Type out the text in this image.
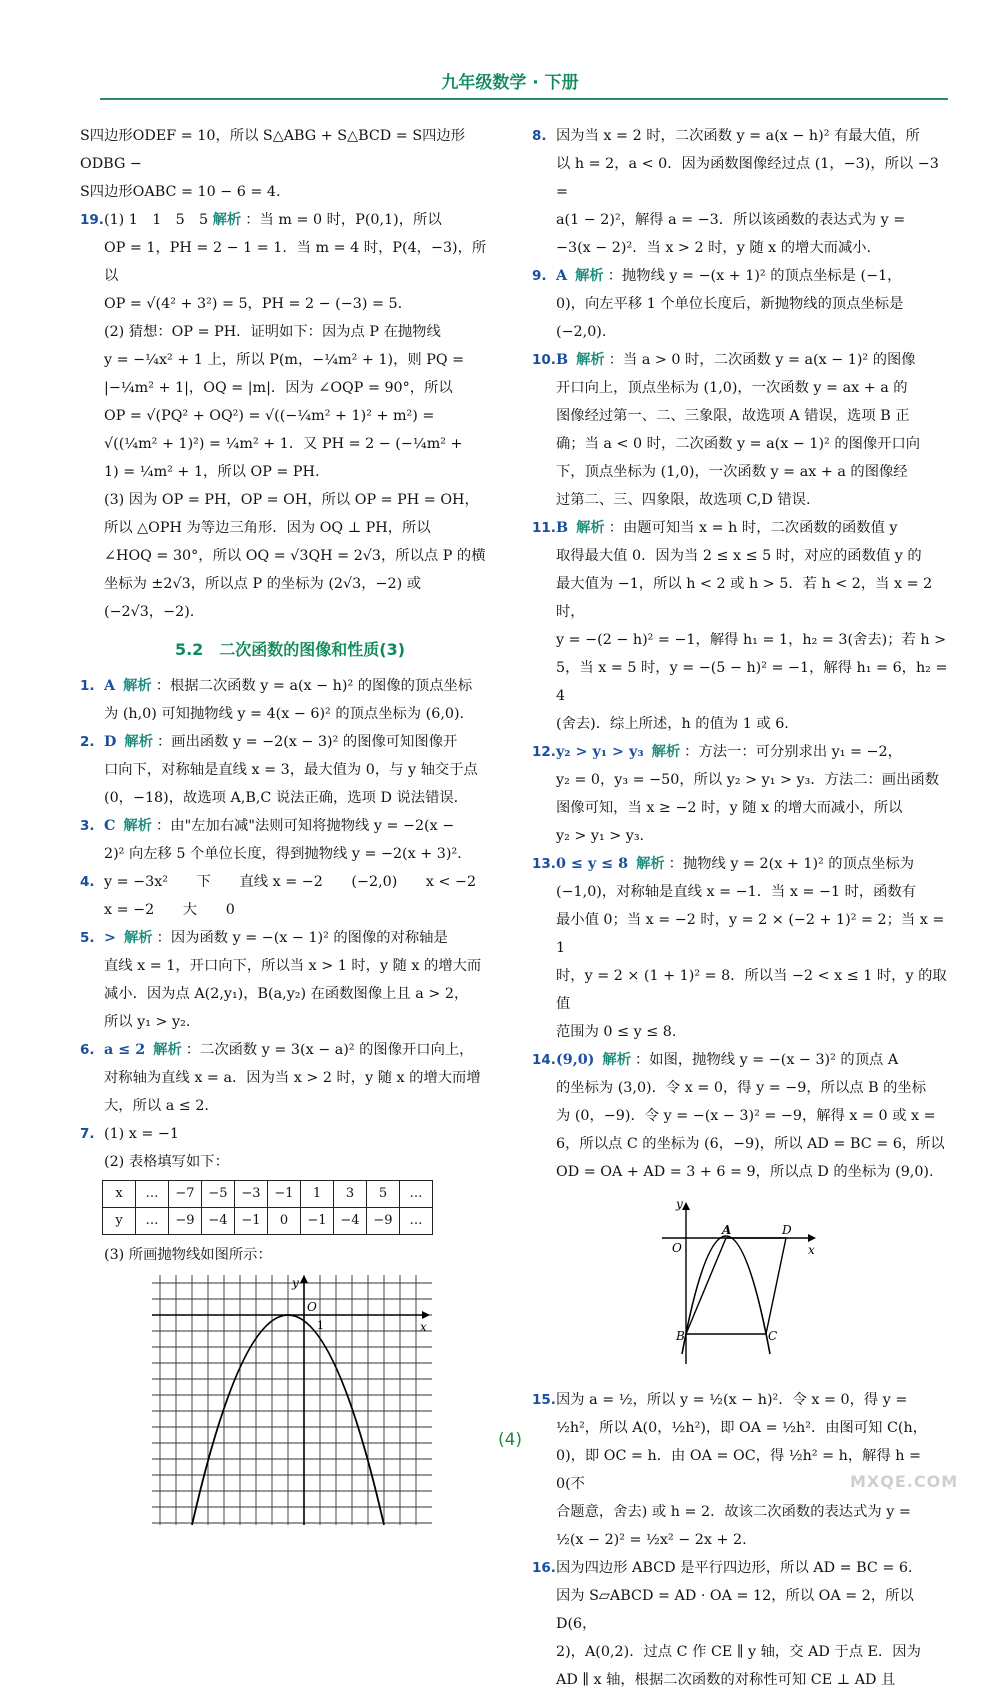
九年级数学 · 下册

S四边形ODEF = 10，所以 S△ABG + S△BCD = S四边形ODBG −

S四边形OABC = 10 − 6 = 4.

19. (1) 1　1　5　5 解析 ：当 m = 0 时，P(0,1)，所以
OP = 1，PH = 2 − 1 = 1．当 m = 4 时，P(4，−3)，所以
OP = √(4² + 3²) = 5，PH = 2 − (−3) = 5.
(2) 猜想：OP = PH．证明如下：因为点 P 在抛物线
y = −¼x² + 1 上，所以 P(m，−¼m² + 1)，则 PQ =
|−¼m² + 1|，OQ = |m|．因为 ∠OQP = 90°，所以
OP = √(PQ² + OQ²) = √((−¼m² + 1)² + m²) =
√((¼m² + 1)²) = ¼m² + 1．又 PH = 2 − (−¼m² +
1) = ¼m² + 1，所以 OP = PH.
(3) 因为 OP = PH，OP = OH，所以 OP = PH = OH，
所以 △OPH 为等边三角形．因为 OQ ⊥ PH，所以
∠HOQ = 30°，所以 OQ = √3QH = 2√3，所以点 P 的横
坐标为 ±2√3，所以点 P 的坐标为 (2√3，−2) 或
(−2√3，−2).
5.2　二次函数的图像和性质(3)
1. A 解析 ：根据二次函数 y = a(x − h)² 的图像的顶点坐标
为 (h,0) 可知抛物线 y = 4(x − 6)² 的顶点坐标为 (6,0).
2. D 解析 ：画出函数 y = −2(x − 3)² 的图像可知图像开
口向下，对称轴是直线 x = 3，最大值为 0，与 y 轴交于点
(0，−18)，故选项 A,B,C 说法正确，选项 D 说法错误.
3. C 解析 ：由"左加右减"法则可知将抛物线 y = −2(x −
2)² 向左移 5 个单位长度，得到抛物线 y = −2(x + 3)².
4. y = −3x²　　下　　直线 x = −2　　(−2,0)　　x < −2
x = −2　　大　　0
5. > 解析 ：因为函数 y = −(x − 1)² 的图像的对称轴是
直线 x = 1，开口向下，所以当 x > 1 时，y 随 x 的增大而
减小．因为点 A(2,y₁)，B(a,y₂) 在函数图像上且 a > 2，
所以 y₁ > y₂.
6. a ≤ 2 解析 ：二次函数 y = 3(x − a)² 的图像开口向上，
对称轴为直线 x = a．因为当 x > 2 时，y 随 x 的增大而增
大，所以 a ≤ 2.
7. (1) x = −1
(2) 表格填写如下：
x	…	−7	−5	−3	−1	1	3	5	…
y	…	−9	−4	−1	0	−1	−4	−9	…

(3) 所画抛物线如图所示：

y
x
O
1
8. 因为当 x = 2 时，二次函数 y = a(x − h)² 有最大值，所
以 h = 2，a < 0．因为函数图像经过点 (1，−3)，所以 −3 =
a(1 − 2)²，解得 a = −3．所以该函数的表达式为 y =
−3(x − 2)²．当 x > 2 时，y 随 x 的增大而减小.
9. A 解析 ：抛物线 y = −(x + 1)² 的顶点坐标是 (−1，
0)，向左平移 1 个单位长度后，新抛物线的顶点坐标是
(−2,0).
10. B 解析 ：当 a > 0 时，二次函数 y = a(x − 1)² 的图像
开口向上，顶点坐标为 (1,0)，一次函数 y = ax + a 的
图像经过第一、二、三象限，故选项 A 错误，选项 B 正
确；当 a < 0 时，二次函数 y = a(x − 1)² 的图像开口向
下，顶点坐标为 (1,0)，一次函数 y = ax + a 的图像经
过第二、三、四象限，故选项 C,D 错误.
11. B 解析 ：由题可知当 x = h 时，二次函数的函数值 y
取得最大值 0．因为当 2 ≤ x ≤ 5 时，对应的函数值 y 的
最大值为 −1，所以 h < 2 或 h > 5．若 h < 2，当 x = 2 时，
y = −(2 − h)² = −1，解得 h₁ = 1，h₂ = 3(舍去)；若 h >
5，当 x = 5 时，y = −(5 − h)² = −1，解得 h₁ = 6，h₂ = 4
(舍去)．综上所述，h 的值为 1 或 6.
12. y₂ > y₁ > y₃ 解析 ：方法一：可分别求出 y₁ = −2，
y₂ = 0，y₃ = −50，所以 y₂ > y₁ > y₃．方法二：画出函数
图像可知，当 x ≥ −2 时，y 随 x 的增大而减小，所以
y₂ > y₁ > y₃.
13. 0 ≤ y ≤ 8 解析 ：抛物线 y = 2(x + 1)² 的顶点坐标为
(−1,0)，对称轴是直线 x = −1．当 x = −1 时，函数有
最小值 0；当 x = −2 时，y = 2 × (−2 + 1)² = 2；当 x = 1
时，y = 2 × (1 + 1)² = 8．所以当 −2 < x ≤ 1 时，y 的取值
范围为 0 ≤ y ≤ 8.
14. (9,0) 解析 ：如图，抛物线 y = −(x − 3)² 的顶点 A
的坐标为 (3,0)．令 x = 0，得 y = −9，所以点 B 的坐标
为 (0，−9)．令 y = −(x − 3)² = −9，解得 x = 0 或 x =
6，所以点 C 的坐标为 (6，−9)，所以 AD = BC = 6，所以
OD = OA + AD = 3 + 6 = 9，所以点 D 的坐标为 (9,0).
y
x
O
A	D
B	C
15. 因为 a = ½，所以 y = ½(x − h)²．令 x = 0，得 y =
½h²，所以 A(0，½h²)，即 OA = ½h²．由图可知 C(h，
0)，即 OC = h．由 OA = OC，得 ½h² = h，解得 h = 0(不
合题意，舍去) 或 h = 2．故该二次函数的表达式为 y =
½(x − 2)² = ½x² − 2x + 2.
16. 因为四边形 ABCD 是平行四边形，所以 AD = BC = 6．
因为 S▱ABCD = AD · OA = 12，所以 OA = 2，所以 D(6，
2)，A(0,2)．过点 C 作 CE ∥ y 轴，交 AD 于点 E．因为
AD ∥ x 轴，根据二次函数的对称性可知 CE ⊥ AD 且
(4)
MXQE.COM
